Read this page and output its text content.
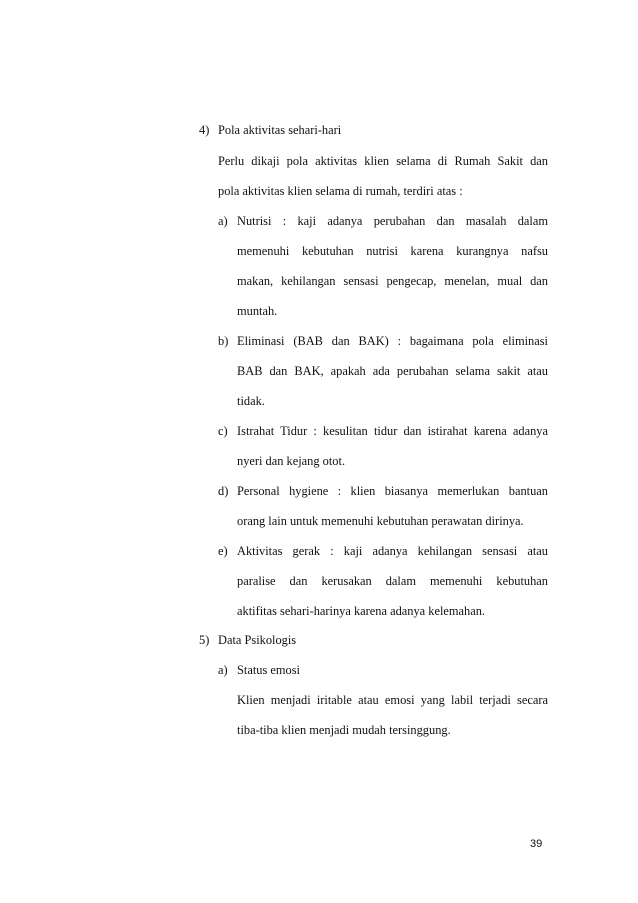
4) Pola aktivitas sehari-hari
Perlu dikaji pola aktivitas klien selama di Rumah Sakit dan
pola aktivitas klien selama di rumah, terdiri atas :
a) Nutrisi : kaji adanya perubahan dan masalah dalam
memenuhi kebutuhan nutrisi karena kurangnya nafsu
makan, kehilangan sensasi pengecap, menelan, mual dan
muntah.
b) Eliminasi (BAB dan BAK) : bagaimana pola eliminasi
BAB dan BAK, apakah ada perubahan selama sakit atau
tidak.
c) Istrahat Tidur : kesulitan tidur dan istirahat karena adanya
nyeri dan kejang otot.
d) Personal hygiene : klien biasanya memerlukan bantuan
orang lain untuk memenuhi kebutuhan perawatan dirinya.
e) Aktivitas gerak : kaji adanya kehilangan sensasi atau
paralise dan kerusakan dalam memenuhi kebutuhan
aktifitas sehari-harinya karena adanya kelemahan.
5) Data Psikologis
a) Status emosi
Klien menjadi iritable atau emosi yang labil terjadi secara
tiba-tiba klien menjadi mudah tersinggung.
39
